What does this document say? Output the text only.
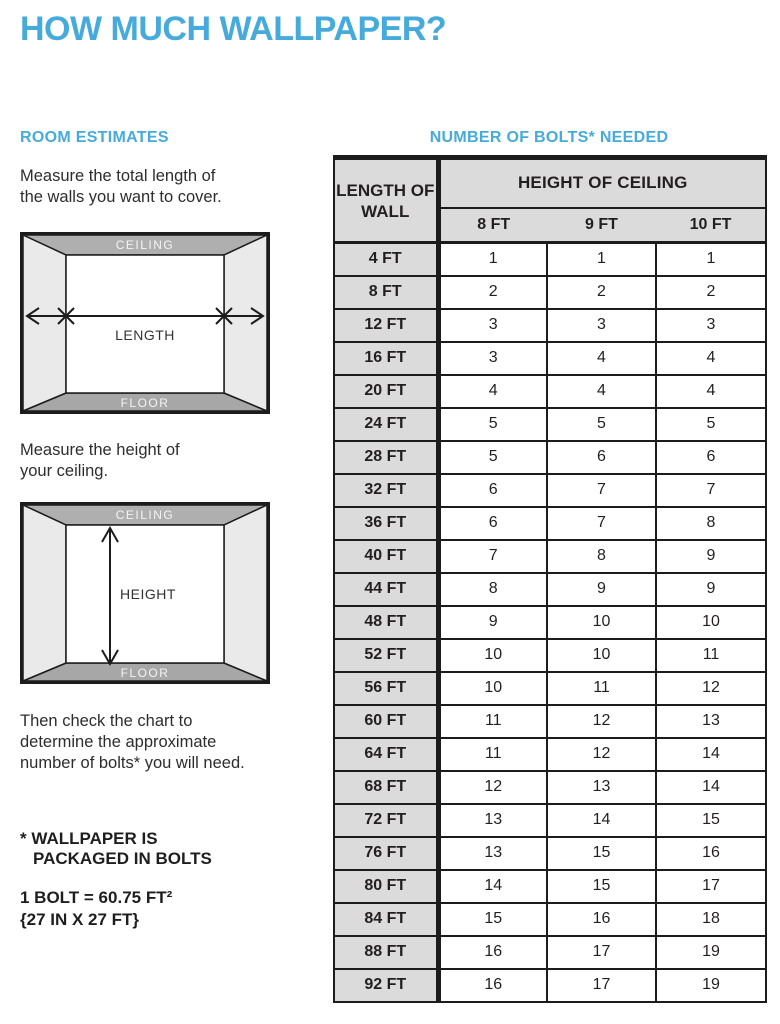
HOW MUCH WALLPAPER?
ROOM ESTIMATES

Measure the total length of
the walls you want to cover.

CEILING
FLOOR
LENGTH

Measure the height of
your ceiling.

CEILING
FLOOR
HEIGHT

Then check the chart to
determine the approximate
number of bolts* you will need.

* WALLPAPER IS
PACKAGED IN BOLTS

1 BOLT = 60.75 FT²
{27 IN X 27 FT}

NUMBER OF BOLTS* NEEDED
LENGTH OF WALL	HEIGHT OF CEILING		
	8 FT	9 FT	10 FT
4 FT	1	1	1
8 FT	2	2	2
12 FT	3	3	3
16 FT	3	4	4
20 FT	4	4	4
24 FT	5	5	5
28 FT	5	6	6
32 FT	6	7	7
36 FT	6	7	8
40 FT	7	8	9
44 FT	8	9	9
48 FT	9	10	10
52 FT	10	10	11
56 FT	10	11	12
60 FT	11	12	13
64 FT	11	12	14
68 FT	12	13	14
72 FT	13	14	15
76 FT	13	15	16
80 FT	14	15	17
84 FT	15	16	18
88 FT	16	17	19
92 FT	16	17	19
